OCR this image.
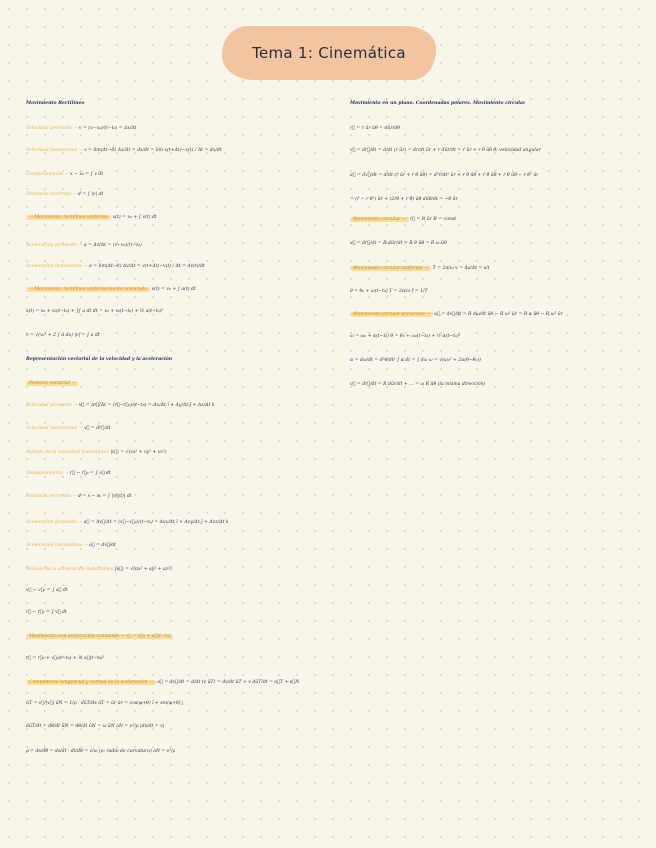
Tema 1: Cinemática
Movimiento Rectilíneo
Velocidad promedio → v = (x−x₀)/(t−t₀) = Δx/Δt
Velocidad instantánea → v = lim(Δt→0) Δx/Δt = dx/dt = lim x(t+Δt)−x(t) / Δt = dx/dt
Desplazamiento → x − x₀ = ∫ v dt
Distancia recorrida → d = ∫ |v| dt
→ Movimiento rectilíneo uniforme x(t) = x₀ + ∫ v(t) dt
Aceleración promedio → a = Δv/Δt = (v−v₀)/(t−t₀)
Aceleración instantánea → a = lim(Δt→0) Δv/Δt = v(t+Δt)−v(t) / Δt = dv(t)/dt
→ Movimiento rectilíneo uniformemente acelerado v(t) = v₀ + ∫ a(t) dt
x(t) = x₀ + v₀(t−t₀) + ∫∫ a dt dt = x₀ + v₀(t−t₀) + ½ a(t−t₀)²
v = √(v₀² + 2 ∫ a dx) |v| = ∫ a dt
Representación vectorial de la velocidad y la aceleración
Posición vectorial →
Velocidad promedio → v⃗ = Δr⃗/Δt = (r⃗−r⃗₀)/(t−t₀) = Δx/Δt î + Δy/Δt ĵ + Δz/Δt k̂
Velocidad instantánea → v⃗ = dr⃗/dt
Módulo de la velocidad instantánea |v⃗| = √(vx² + vy² + vz²)
Desplazamiento → r⃗ − r⃗₀ = ∫ v⃗ dt
Distancia recorrida → d = s − s₀ = ∫ |v⃗(t)| dt
Aceleración promedio → a⃗ = Δv⃗/Δt = (v⃗−v⃗₀)/(t−t₀) = Δvx/Δt î + Δvy/Δt ĵ + Δvz/Δt k̂
Aceleración instantánea → a⃗ = dv⃗/dt
Módulo de la aceleración instantánea |a⃗| = √(ax² + ay² + az²)
v⃗ − v⃗₀ = ∫ a⃗ dt
r⃗ − r⃗₀ = ∫ v⃗ dt
Movimiento con aceleración constante → v⃗ = v⃗₀ + a⃗(t−t₀)
r⃗ = r⃗₀ + v⃗₀(t−t₀) + ½ a⃗(t−t₀)²
Componente tangencial y normal de la aceleración → a⃗ = dv⃗/dt = d/dt (v ûT) = dv/dt ûT + v dûT/dt = a⃗T + a⃗N
ûT = v⃗/|v⃗| ûN = 1/ρ · dûT/ds ûT = ûr ûr = cos(φ+θ) î + sin(φ+θ) ĵ
dûT/dt = dθ/dt ûN = dθ/dt ûN = ω ûN aN = v²/ρ (ds/dt = v)
ρ = ds/dθ = ds/dt · dt/dθ = v/ω (ρ: radio de curvatura) aN = v²/ρ
Movimiento en un plano. Coordenadas polares. Movimiento circular
r⃗ = r ûr ûθ = dûr/dθ
v⃗ = dr⃗/dt = d/dt (r ûr) = dr/dt ûr + r dûr/dt = ṙ ûr + r θ̇ ûθ θ̇: velocidad angular
a⃗ = dv⃗/dt = d/dt (ṙ ûr + r θ̇ ûθ) = d²r/dt² ûr + ṙ θ̇ ûθ + ṙ θ̇ ûθ + r θ̈ ûθ − r θ̇² ûr
= (r̈ − r θ̇²) ûr + (2ṙθ̇ + r θ̈) ûθ dûθ/dt = −θ̇ ûr
Movimiento circular → r⃗ = R ûr R = const
v⃗ = dr⃗/dt = R dûr/dt = R θ̇ ûθ = R ω ûθ
Movimiento circular uniforme → T = 2π/ω v = Δs/Δt = s/t
θ = θ₀ + ω(t−t₀) T = 2π/ω f = 1/T
Movimiento circular acelerado → a⃗ = dv⃗/dt = R dω/dt ûθ − R ω² ûr = R α ûθ − R ω² ûr
ω = ω₀ + α(t−t₀) θ = θ₀ + ω₀(t−t₀) + ½ α(t−t₀)²
α = dω/dt = d²θ/dt² ∫ α dt = ∫ dω ω = √(ω₀² + 2α(θ−θ₀))
v⃗ = dr⃗/dt = R dûr/dt + ... = ω R ûθ (la misma dirección)
